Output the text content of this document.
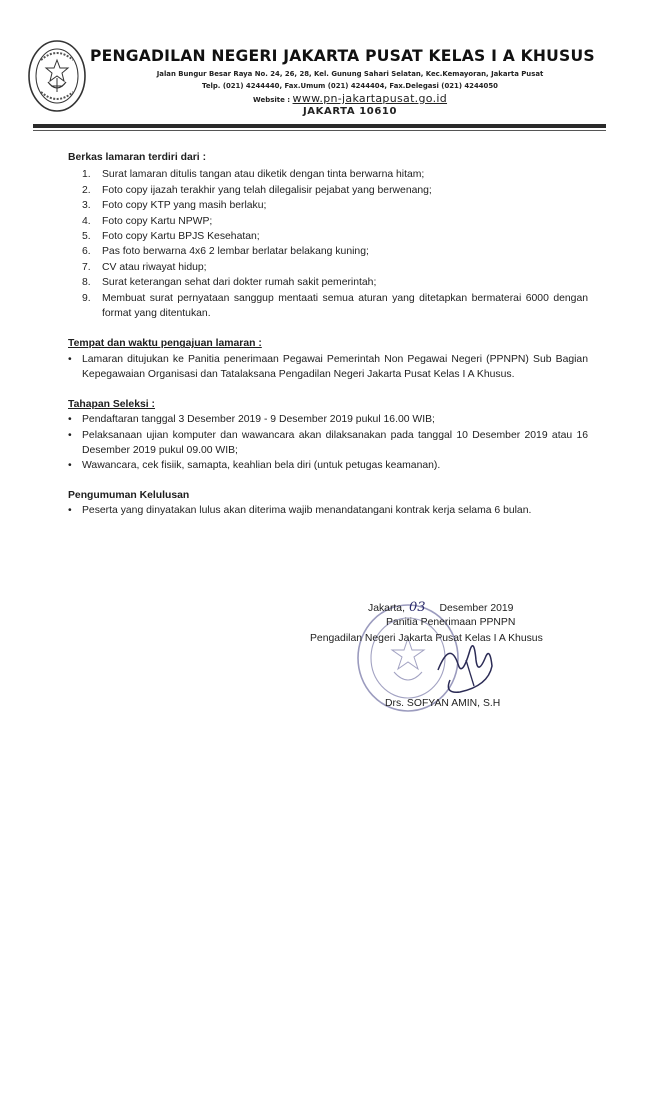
PENGADILAN NEGERI JAKARTA PUSAT KELAS I A KHUSUS
Jalan Bungur Besar Raya No. 24, 26, 28, Kel. Gunung Sahari Selatan, Kec.Kemayoran, Jakarta Pusat
Telp. (021) 4244440, Fax.Umum (021) 4244404, Fax.Delegasi (021) 4244050
Website : www.pn-jakartapusat.go.id
JAKARTA 10610

Berkas lamaran terdiri dari :

1. Surat lamaran ditulis tangan atau diketik dengan tinta berwarna hitam;
2. Foto copy ijazah terakhir yang telah dilegalisir pejabat yang berwenang;
3. Foto copy KTP yang masih berlaku;
4. Foto copy Kartu NPWP;
5. Foto copy Kartu BPJS Kesehatan;
6. Pas foto berwarna 4x6 2 lembar berlatar belakang kuning;
7. CV atau riwayat hidup;
8. Surat keterangan sehat dari dokter rumah sakit pemerintah;
9. Membuat surat pernyataan sanggup mentaati semua aturan yang ditetapkan bermaterai 6000 dengan format yang ditentukan.

Tempat dan waktu pengajuan lamaran :

• Lamaran ditujukan ke Panitia penerimaan Pegawai Pemerintah Non Pegawai Negeri (PPNPN) Sub Bagian Kepegawaian Organisasi dan Tatalaksana Pengadilan Negeri Jakarta Pusat Kelas I A Khusus.

Tahapan Seleksi :

• Pendaftaran tanggal 3 Desember 2019 - 9 Desember 2019 pukul 16.00 WIB;
• Pelaksanaan ujian komputer dan wawancara akan dilaksanakan pada tanggal 10 Desember 2019 atau 16 Desember 2019 pukul 09.00 WIB;
• Wawancara, cek fisiik, samapta, keahlian bela diri (untuk petugas keamanan).

Pengumuman Kelulusan

• Peserta yang dinyatakan lulus akan diterima wajib menandatangani kontrak kerja selama 6 bulan.
Jakarta, 03 Desember 2019
Panitia Penerimaan PPNPN
Pengadilan Negeri Jakarta Pusat Kelas I A Khusus
Drs. SOFYAN AMIN, S.H
